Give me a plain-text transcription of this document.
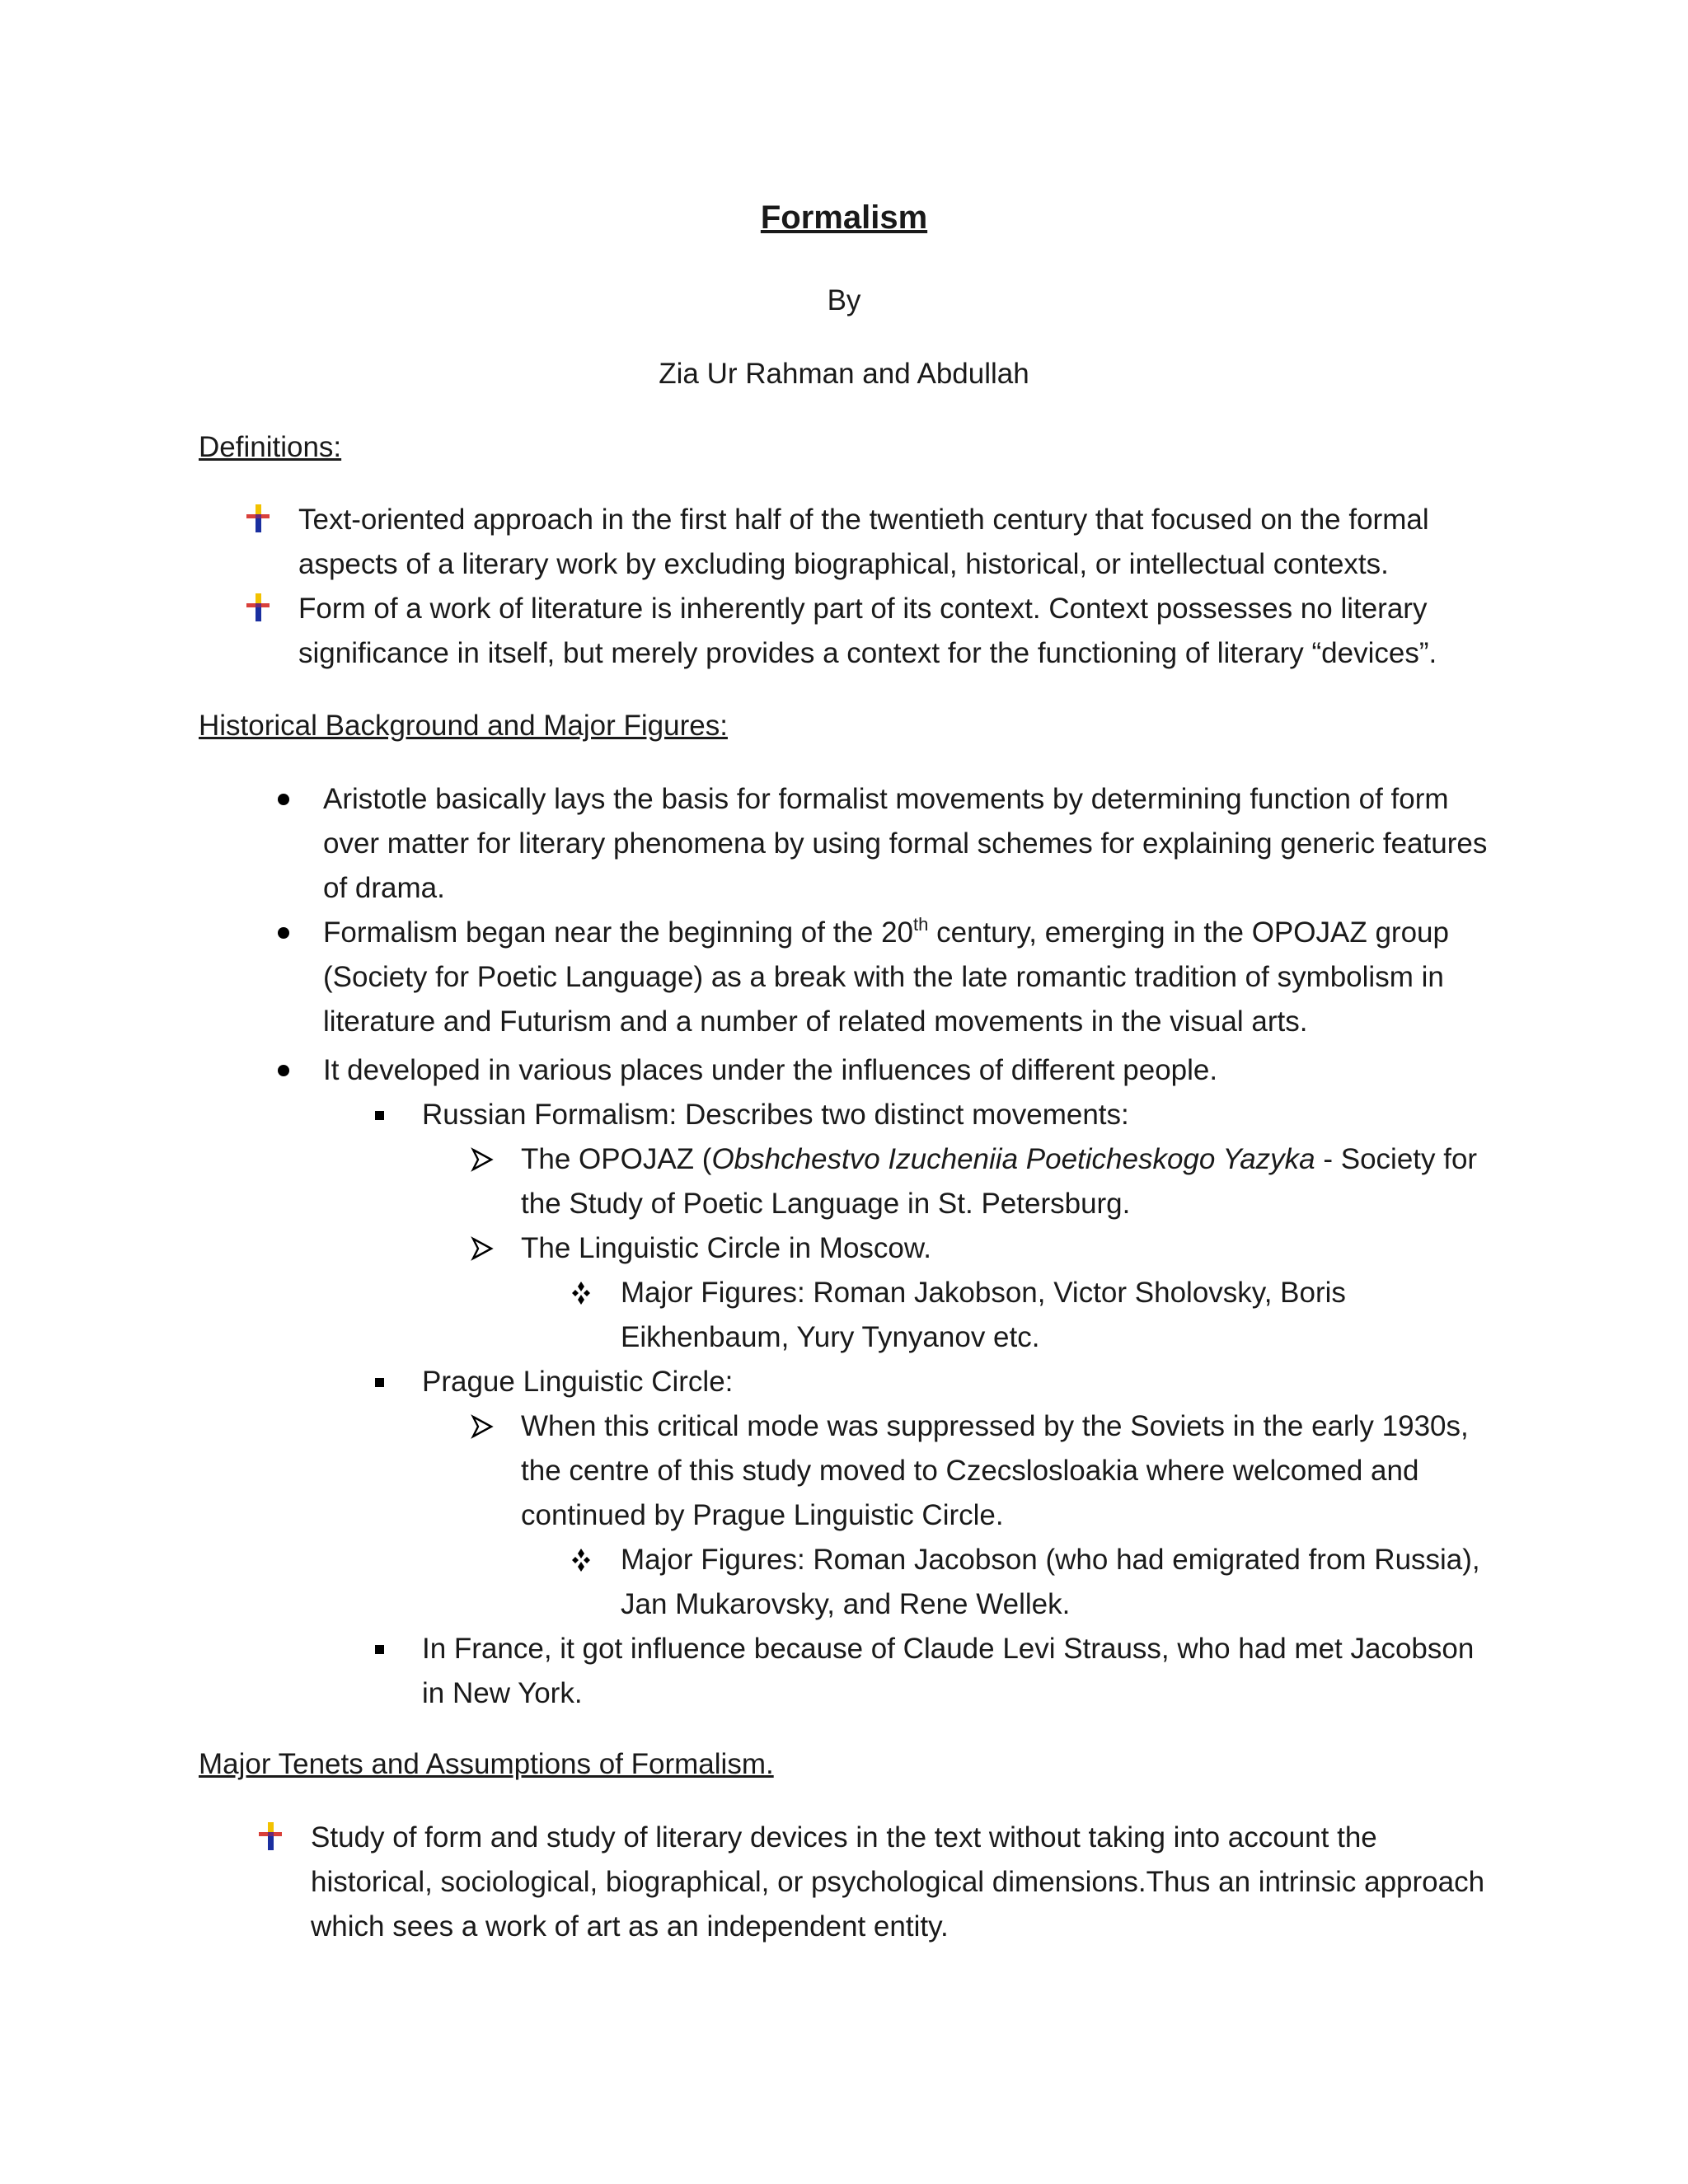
Formalism
By
Zia Ur Rahman and Abdullah
Definitions:
Text-oriented approach in the first half of the twentieth century that focused on the formal aspects of a literary work by excluding biographical, historical, or intellectual contexts.
Form of a work of literature is inherently part of its context. Context possesses no literary significance in itself, but merely provides a context for the functioning of literary “devices”.
Historical Background and Major Figures:
Aristotle basically lays the basis for formalist movements by determining function of form over matter for literary phenomena by using formal schemes for explaining generic features of drama.
Formalism began near the beginning of the 20th century, emerging in the OPOJAZ group (Society for Poetic Language) as a break with the late romantic tradition of symbolism in literature and Futurism and a number of related movements in the visual arts.
It developed in various places under the influences of different people.
Russian Formalism: Describes two distinct movements:
The OPOJAZ (Obshchestvo Izucheniia Poeticheskogo Yazyka - Society for the Study of Poetic Language in St. Petersburg.
The Linguistic Circle in Moscow.
Major Figures: Roman Jakobson, Victor Sholovsky, Boris Eikhenbaum, Yury Tynyanov etc.
Prague Linguistic Circle:
When this critical mode was suppressed by the Soviets in the early 1930s, the centre of this study moved to Czecslosloakia where welcomed and continued by Prague Linguistic Circle.
Major Figures: Roman Jacobson (who had emigrated from Russia), Jan Mukarovsky, and Rene Wellek.
In France, it got influence because of Claude Levi Strauss, who had met Jacobson in New York.
Major Tenets and Assumptions of Formalism.
Study of form and study of literary devices in the text without taking into account the historical, sociological, biographical, or psychological dimensions.Thus an intrinsic approach which sees a work of art as an independent entity.
